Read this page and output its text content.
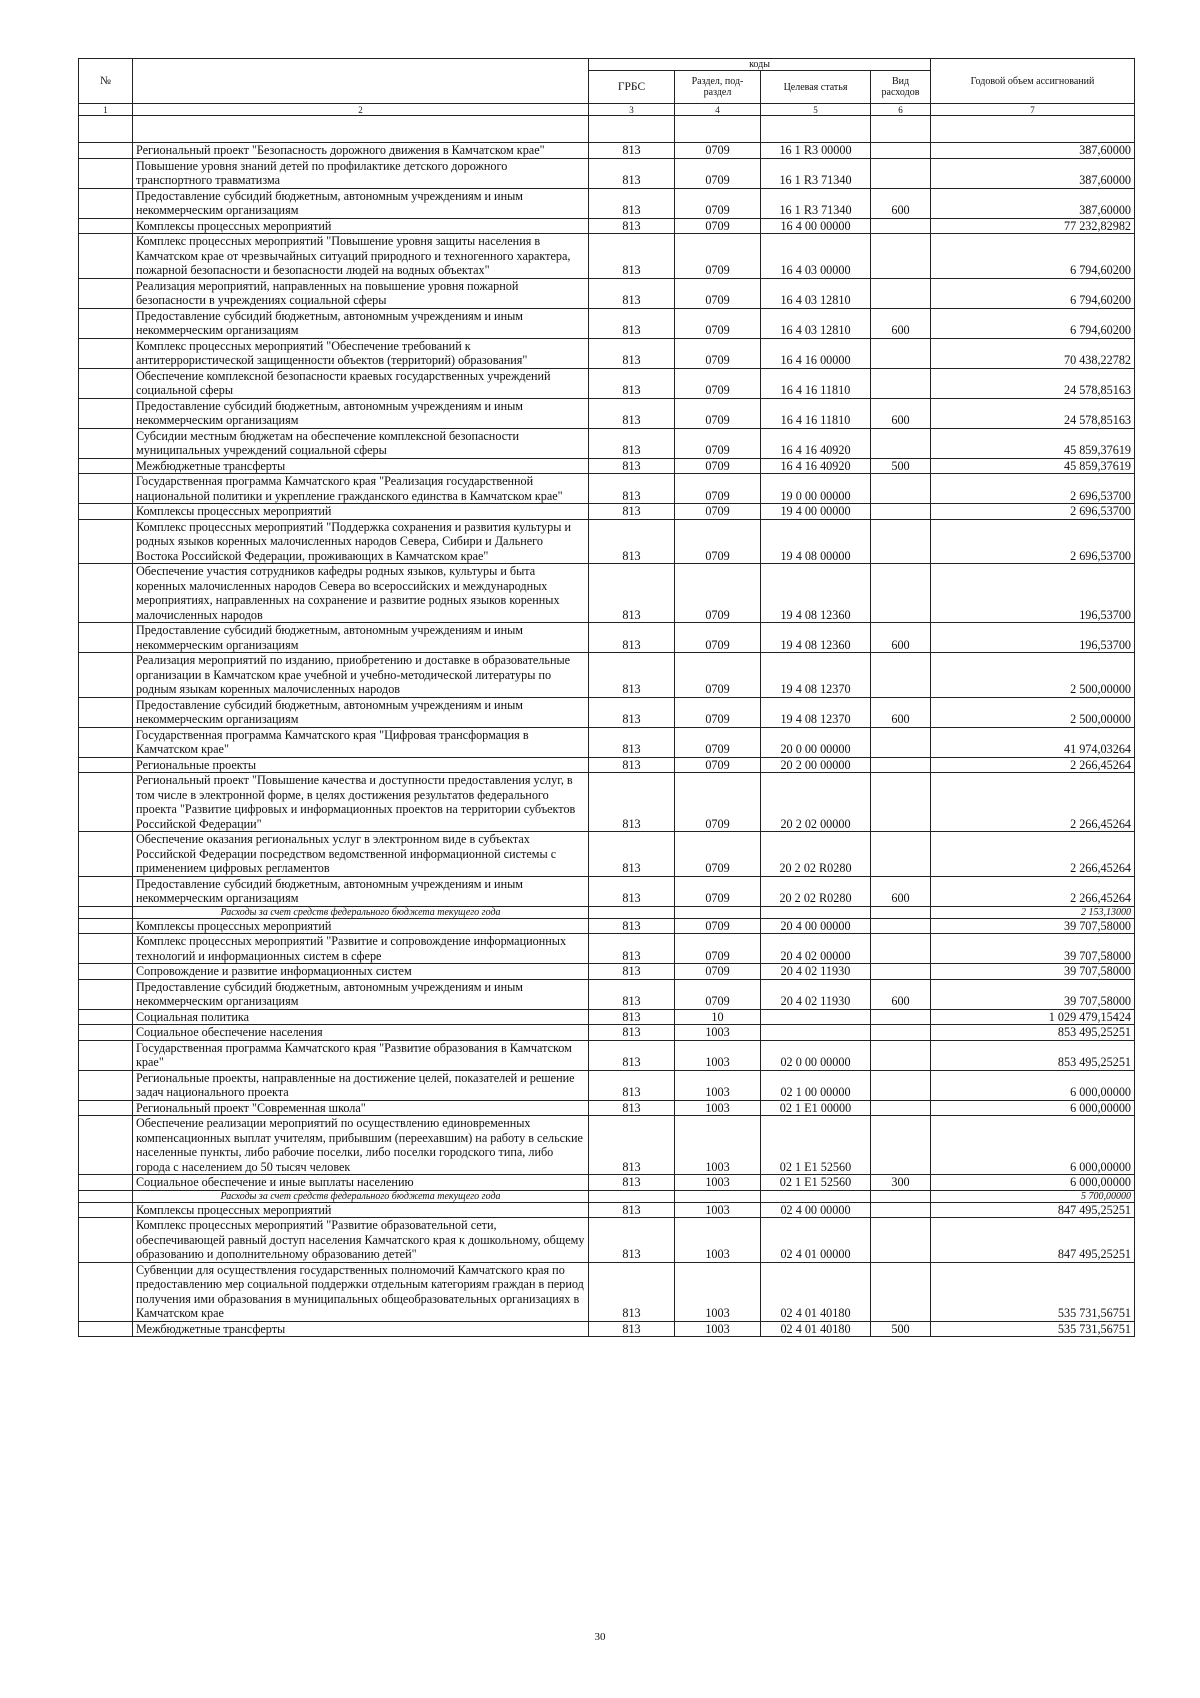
№		коды				Годовой объем ассигнований
		ГРБС	Раздел, под-раздел	Целевая статья	Вид расходов	
1	2	3	4	5	6	7

	Региональный проект "Безопасность дорожного движения в Камчатском крае"	813	0709	16 1 R3 00000		387,60000
	Повышение уровня знаний детей по профилактике детского дорожного транспортного травматизма	813	0709	16 1 R3 71340		387,60000
	Предоставление субсидий бюджетным, автономным учреждениям и иным некоммерческим организациям	813	0709	16 1 R3 71340	600	387,60000
	Комплексы процессных мероприятий	813	0709	16 4 00 00000		77 232,82982
	Комплекс процессных мероприятий "Повышение уровня защиты населения в Камчатском крае от чрезвычайных ситуаций природного и техногенного характера, пожарной безопасности и безопасности людей на водных объектах"	813	0709	16 4 03 00000		6 794,60200
	Реализация мероприятий, направленных на повышение уровня пожарной безопасности в учреждениях социальной сферы	813	0709	16 4 03 12810		6 794,60200
	Предоставление субсидий бюджетным, автономным учреждениям и иным некоммерческим организациям	813	0709	16 4 03 12810	600	6 794,60200
	Комплекс процессных мероприятий "Обеспечение требований к антитеррористической защищенности объектов (территорий) образования"	813	0709	16 4 16 00000		70 438,22782
	Обеспечение комплексной безопасности краевых государственных учреждений социальной сферы	813	0709	16 4 16 11810		24 578,85163
	Предоставление субсидий бюджетным, автономным учреждениям и иным некоммерческим организациям	813	0709	16 4 16 11810	600	24 578,85163
	Субсидии местным бюджетам на обеспечение комплексной безопасности муниципальных учреждений социальной сферы	813	0709	16 4 16 40920		45 859,37619
	Межбюджетные трансферты	813	0709	16 4 16 40920	500	45 859,37619
	Государственная программа Камчатского края "Реализация государственной национальной политики и укрепление гражданского единства в Камчатском крае"	813	0709	19 0 00 00000		2 696,53700
	Комплексы процессных мероприятий	813	0709	19 4 00 00000		2 696,53700
	Комплекс процессных мероприятий "Поддержка сохранения и развития культуры и родных языков коренных малочисленных народов Севера, Сибири и Дальнего Востока Российской Федерации, проживающих в Камчатском крае"	813	0709	19 4 08 00000		2 696,53700
	Обеспечение участия сотрудников кафедры родных языков, культуры и быта коренных малочисленных народов Севера во всероссийских и международных мероприятиях, направленных на сохранение и развитие родных языков коренных малочисленных народов	813	0709	19 4 08 12360		196,53700
	Предоставление субсидий бюджетным, автономным учреждениям и иным некоммерческим организациям	813	0709	19 4 08 12360	600	196,53700
	Реализация мероприятий по изданию, приобретению и доставке в образовательные организации в Камчатском крае учебной и учебно-методической литературы по родным языкам коренных малочисленных народов	813	0709	19 4 08 12370		2 500,00000
	Предоставление субсидий бюджетным, автономным учреждениям и иным некоммерческим организациям	813	0709	19 4 08 12370	600	2 500,00000
	Государственная программа Камчатского края "Цифровая трансформация в Камчатском крае"	813	0709	20 0 00 00000		41 974,03264
	Региональные проекты	813	0709	20 2 00 00000		2 266,45264
	Региональный проект "Повышение качества и доступности предоставления услуг, в том числе в электронной форме, в целях достижения результатов федерального проекта "Развитие цифровых и информационных проектов на территории субъектов Российской Федерации"	813	0709	20 2 02 00000		2 266,45264
	Обеспечение оказания региональных услуг в электронном виде в субъектах Российской Федерации посредством ведомственной информационной системы с применением цифровых регламентов	813	0709	20 2 02 R0280		2 266,45264
	Предоставление субсидий бюджетным, автономным учреждениям и иным некоммерческим организациям	813	0709	20 2 02 R0280	600	2 266,45264
	Расходы за счет средств федерального бюджета текущего года					2 153,13000
	Комплексы процессных мероприятий	813	0709	20 4 00 00000		39 707,58000
	Комплекс процессных мероприятий "Развитие и сопровождение информационных технологий и информационных систем в сфере	813	0709	20 4 02 00000		39 707,58000
	Сопровождение и развитие информационных систем	813	0709	20 4 02 11930		39 707,58000
	Предоставление субсидий бюджетным, автономным учреждениям и иным некоммерческим организациям	813	0709	20 4 02 11930	600	39 707,58000
	Социальная политика	813	10			1 029 479,15424
	Социальное обеспечение населения	813	1003			853 495,25251
	Государственная программа Камчатского края "Развитие образования в Камчатском крае"	813	1003	02 0 00 00000		853 495,25251
	Региональные проекты, направленные на достижение целей, показателей и решение задач национального проекта	813	1003	02 1 00 00000		6 000,00000
	Региональный проект "Современная школа"	813	1003	02 1 E1 00000		6 000,00000
	Обеспечение реализации мероприятий по осуществлению единовременных компенсационных выплат учителям, прибывшим (переехавшим) на работу в сельские населенные пункты, либо рабочие поселки, либо поселки городского типа, либо города с населением до 50 тысяч человек	813	1003	02 1 E1 52560		6 000,00000
	Социальное обеспечение и иные выплаты населению	813	1003	02 1 E1 52560	300	6 000,00000
	Расходы за счет средств федерального бюджета текущего года					5 700,00000
	Комплексы процессных мероприятий	813	1003	02 4 00 00000		847 495,25251
	Комплекс процессных мероприятий "Развитие образовательной сети, обеспечивающей равный доступ населения Камчатского края к дошкольному, общему образованию и дополнительному образованию детей"	813	1003	02 4 01 00000		847 495,25251
	Субвенции для осуществления государственных полномочий Камчатского края по предоставлению мер социальной поддержки отдельным категориям граждан в период получения ими образования в муниципальных общеобразовательных организациях в Камчатском крае	813	1003	02 4 01 40180		535 731,56751
	Межбюджетные трансферты	813	1003	02 4 01 40180	500	535 731,56751
30
